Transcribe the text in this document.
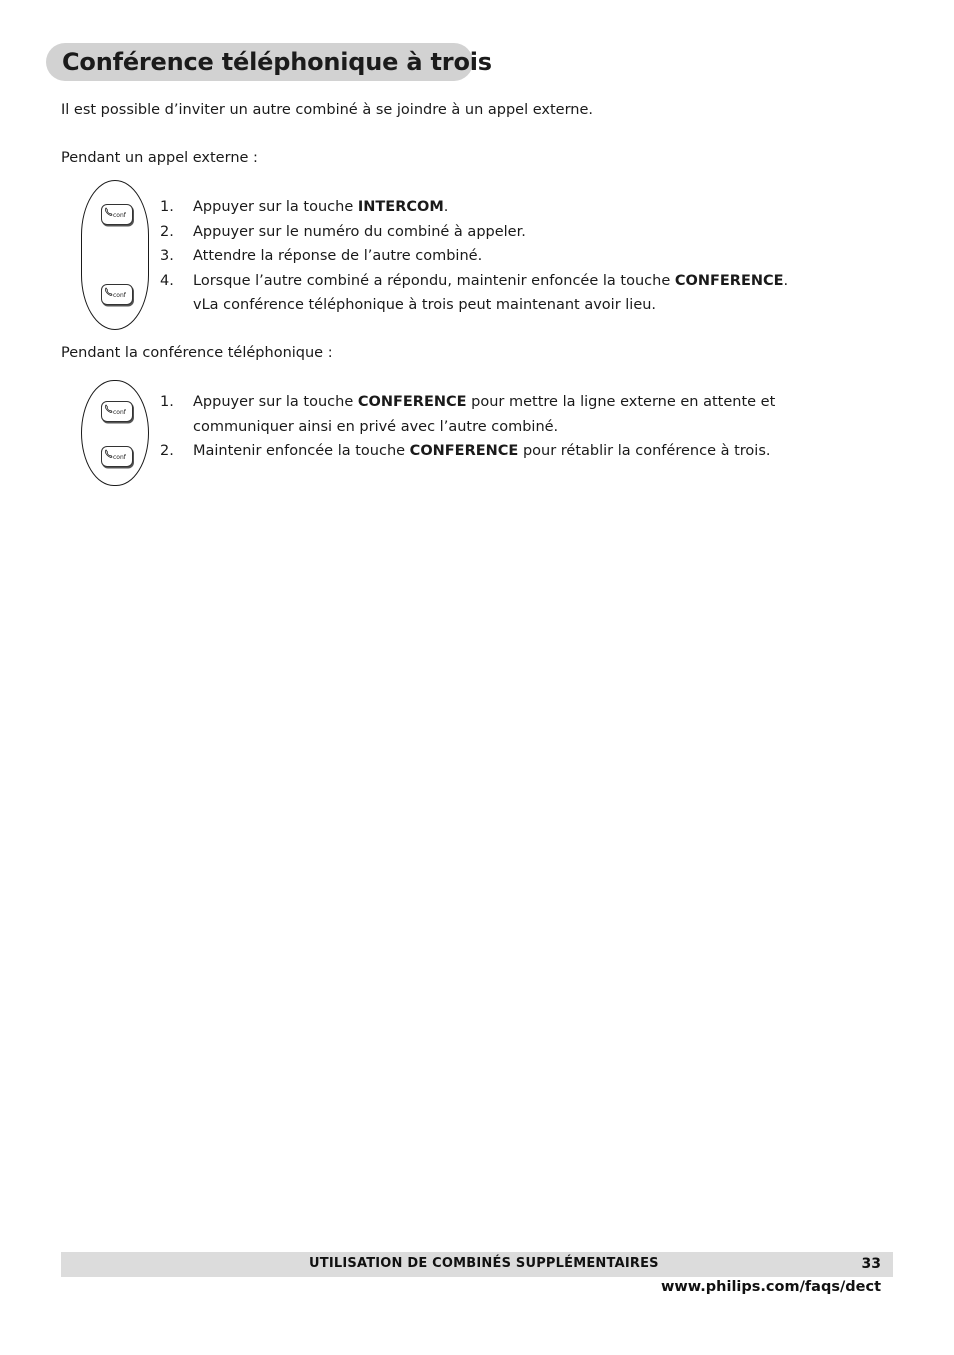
Conférence téléphonique à trois
Il est possible d’inviter un autre combiné à se joindre à un appel externe.
Pendant un appel externe :
conf
conf
1. Appuyer sur la touche INTERCOM.
2. Appuyer sur le numéro du combiné à appeler.
3. Attendre la réponse de l’autre combiné.
4. Lorsque l’autre combiné a répondu, maintenir enfoncée la touche CONFERENCE.
vLa conférence téléphonique à trois peut maintenant avoir lieu.
Pendant la conférence téléphonique :
conf
conf
1. Appuyer sur la touche CONFERENCE pour mettre la ligne externe en attente et communiquer ainsi en privé avec l’autre combiné.
2. Maintenir enfoncée la touche CONFERENCE pour rétablir la conférence à trois.
UTILISATION DE COMBINÉS SUPPLÉMENTAIRES	33
www.philips.com/faqs/dect
